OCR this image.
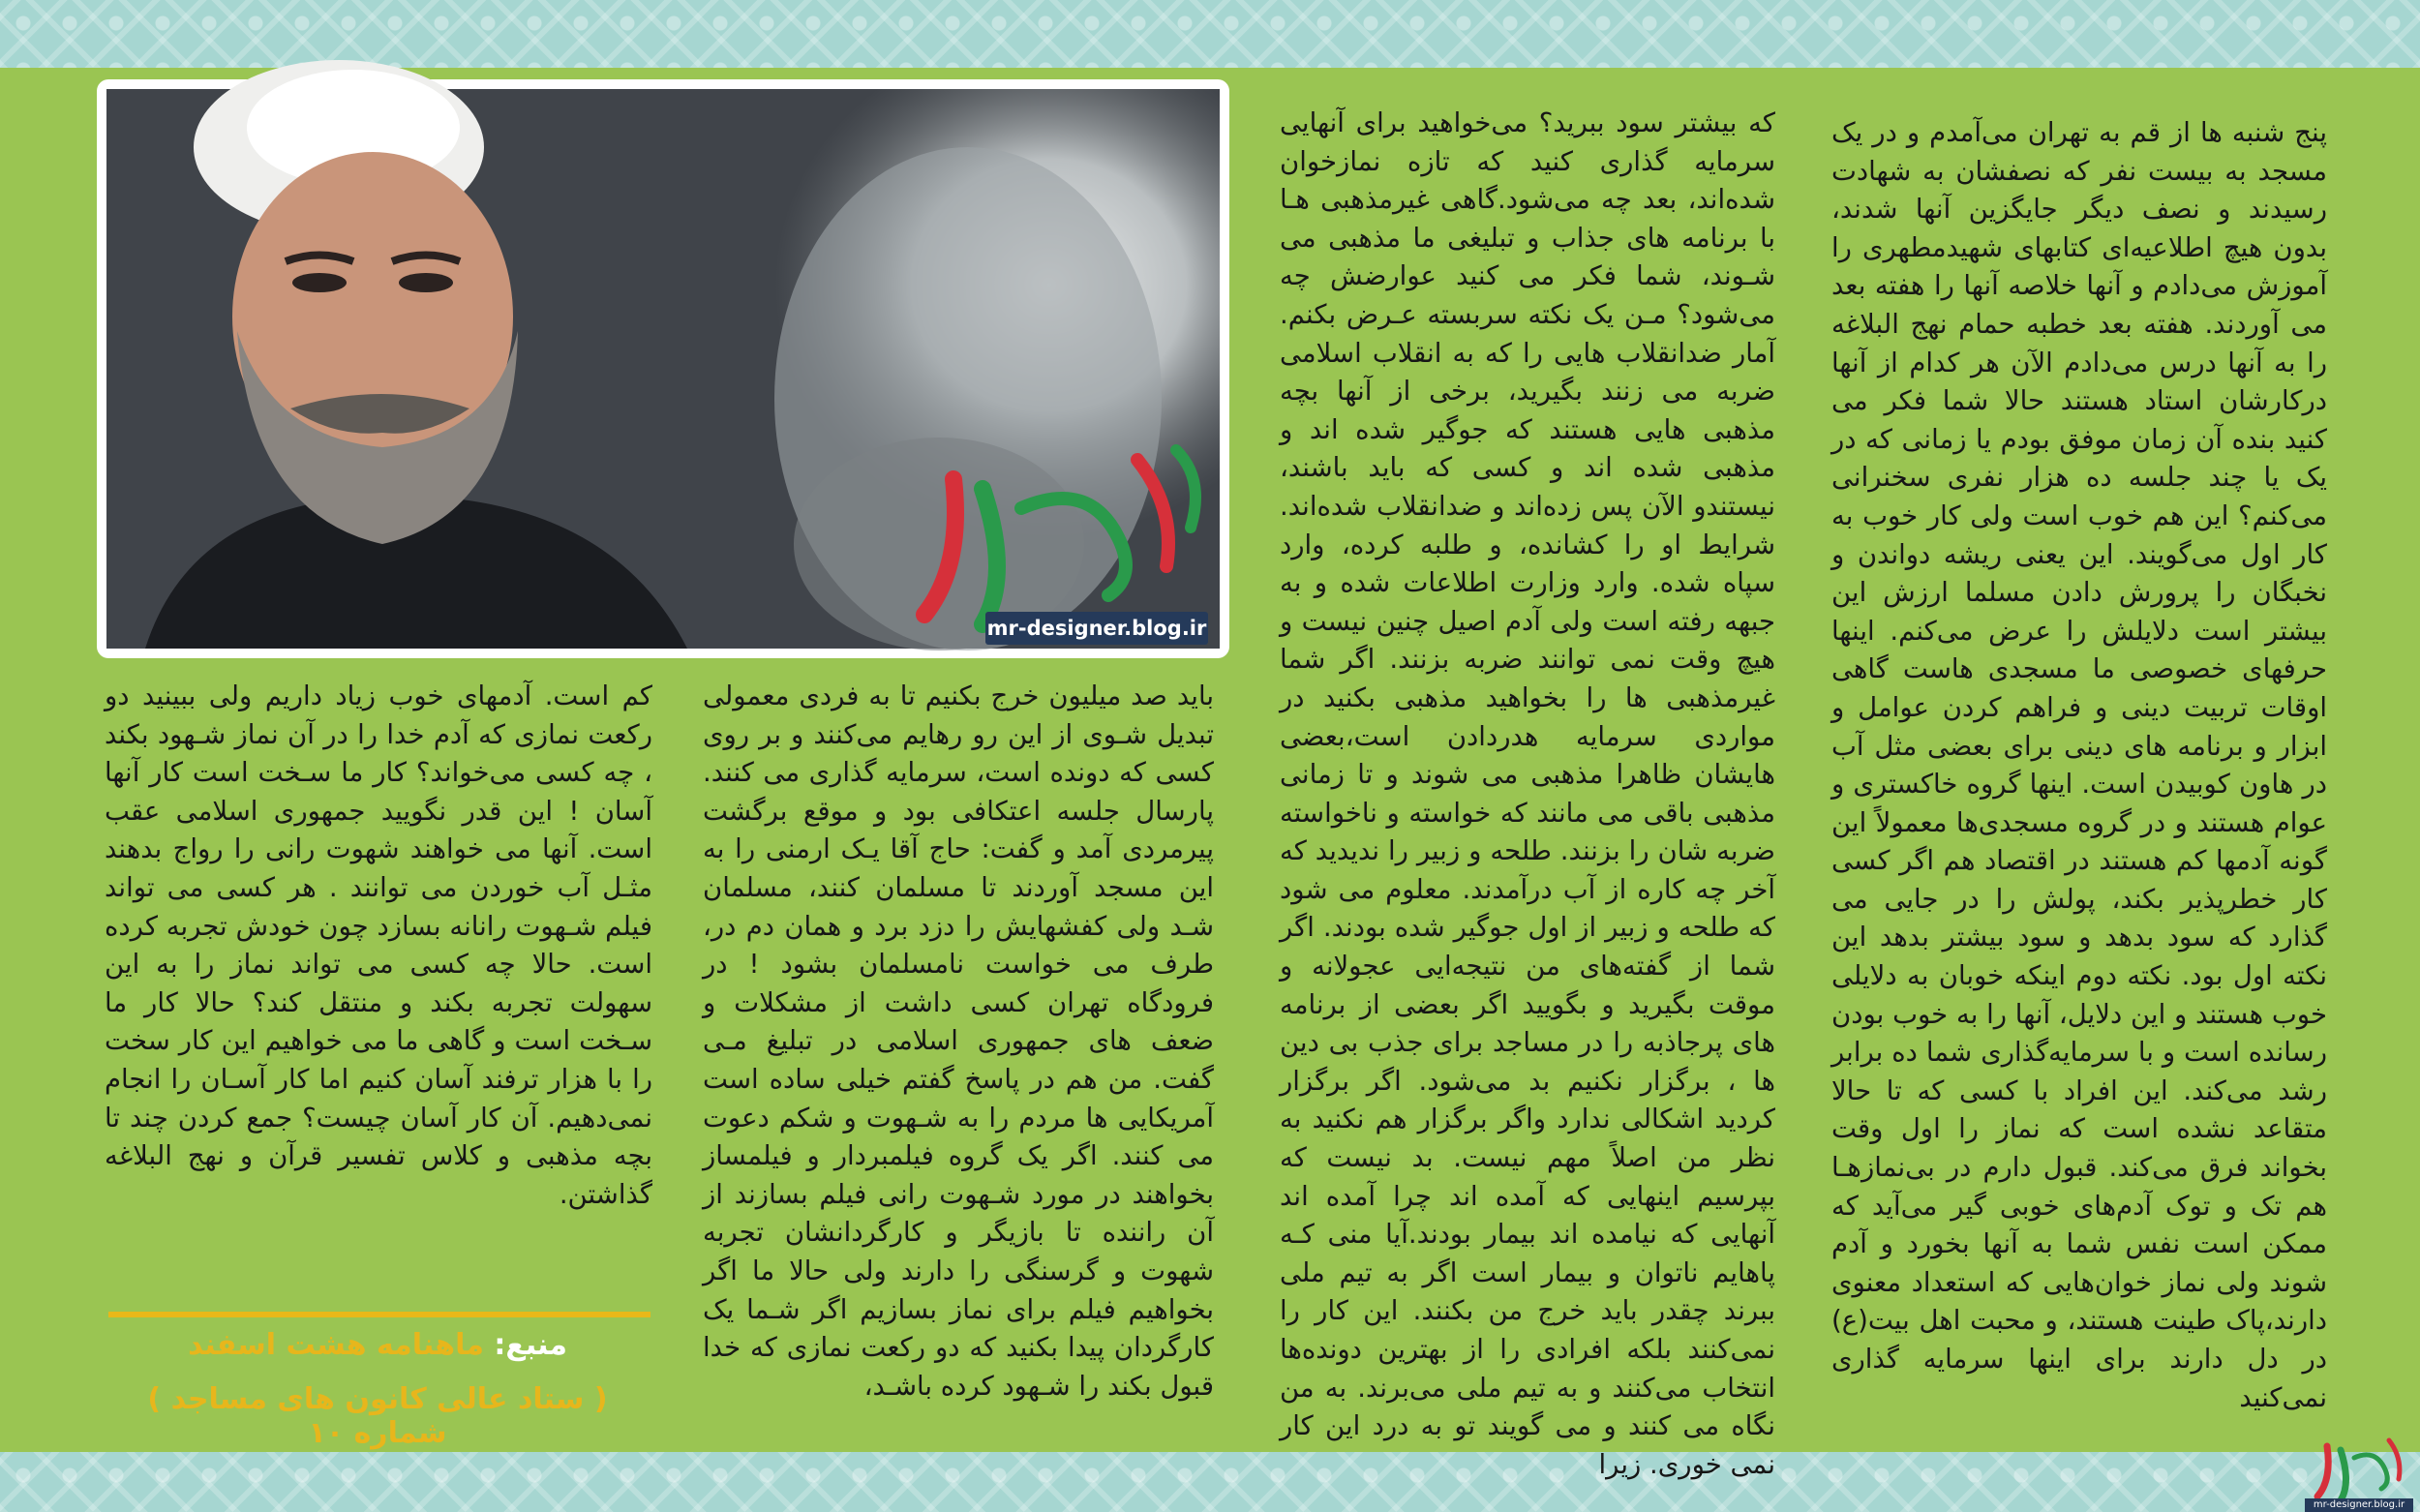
mr-designer.blog.ir

پنج شنبه ها از قم به تهران می‌آمدم و در یک مسجد به بیست نفر که نصفشان به شهادت رسیدند و نصف دیگر جایگزین آنها شدند، بدون هیچ اطلاعیه‌ای کتابهای شهیدمطهری را آموزش می‌دادم و آنها خلاصه آنها را هفته بعد می آوردند. هفته بعد خطبه حمام نهج البلاغه را به آنها درس می‌دادم الآن هر کدام از آنها درکارشان استاد هستند حالا شما فکر می کنید بنده آن زمان موفق بودم یا زمانی که در یک یا چند جلسه ده هزار نفری سخنرانی می‌کنم؟ این هم خوب است ولی کار خوب به کار اول می‌گویند. این یعنی ریشه دواندن و نخبگان را پرورش دادن مسلما ارزش این بیشتر است دلایلش را عرض می‌کنم. اینها حرفهای خصوصی ما مسجدی هاست گاهی اوقات تربیت دینی و فراهم کردن عوامل و ابزار و برنامه های دینی برای بعضی مثل آب در هاون کوبیدن است. اینها گروه خاکستری و عوام هستند و در گروه مسجدی‌ها معمولاً این گونه آدمها کم هستند در اقتصاد هم اگر کسی کار خطرپذیر بکند، پولش را در جایی می گذارد که سود بدهد و سود بیشتر بدهد این نکته اول بود. نکته دوم اینکه خوبان به دلایلی خوب هستند و این دلایل، آنها را به خوب بودن رسانده است و با سرمایه‌گذاری شما ده برابر رشد می‌کند. این افراد با کسی که تا حالا متقاعد نشده است که نماز را اول وقت بخواند فرق می‌کند. قبول دارم در بی‌نمازهـا هم تک و توک آدم‌های خوبی گیر می‌آید که ممکن است نفس شما به آنها بخورد و آدم شوند ولی نماز خوان‌هایی که استعداد معنوی دارند،پاک طینت هستند، و محبت اهل بیت(ع) در دل دارند برای اینها سرمایه گذاری نمی‌کنید

که بیشتر سود ببرید؟ می‌خواهید برای آنهایی سرمایه گذاری کنید که تازه نمازخوان شده‌اند، بعد چه می‌شود.گاهی غیرمذهبی هـا با برنامه های جذاب و تبلیغی ما مذهبی می شـوند، شما فکر می کنید عوارضش چه می‌شود؟ مـن یک نکته سربسته عـرض بکنم. آمار ضدانقلاب هایی را که به انقلاب اسلامی ضربه می زنند بگیرید، برخی از آنها بچه مذهبی هایی هستند که جوگیر شده اند و مذهبی شده اند و کسی که باید باشند، نیستندو الآن پس زده‌اند و ضدانقلاب شده‌اند. شرایط او را کشانده، و طلبه کرده، وارد سپاه شده. وارد وزارت اطلاعات شده و به جبهه رفته است ولی آدم اصیل چنین نیست و هیچ وقت نمی توانند ضربه بزنند. اگر شما غیرمذهبی ها را بخواهید مذهبی بکنید در مواردی سرمایه هدردادن است،بعضی هایشان ظاهرا مذهبی می شوند و تا زمانی مذهبی باقی می مانند که خواسته و ناخواسته ضربه شان را بزنند. طلحه و زبیر را ندیدید که آخر چه کاره از آب درآمدند. معلوم می شود که طلحه و زبیر از اول جوگیر شده بودند. اگر شما از گفته‌های من نتیجه‌ایی عجولانه و موقت بگیرید و بگویید اگر بعضی از برنامه های پرجاذبه را در مساجد برای جذب بی دین ها ، برگزار نکنیم بد می‌شود. اگر برگزار کردید اشکالی ندارد واگر برگزار هم نکنید به نظر من اصلاً مهم نیست. بد نیست که بپرسیم اینهایی که آمده اند چرا آمده اند آنهایی که نیامده اند بیمار بودند.آیا منی کـه پاهایم ناتوان و بیمار است اگر به تیم ملی ببرند چقدر باید خرج من بکنند. این کار را نمی‌کنند بلکه افرادی را از بهترین دونده‌ها انتخاب می‌کنند و به تیم ملی می‌برند. به من نگاه می کنند و می گویند تو به درد این کار نمی خوری. زیرا

باید صد میلیون خرج بکنیم تا به فردی معمولی تبدیل شـوی از این رو رهایم می‌کنند و بر روی کسی که دونده است، سرمایه گذاری می کنند. پارسال جلسه اعتکافی بود و موقع برگشت پیرمردی آمد و گفت: حاج آقا یـک ارمنی را به این مسجد آوردند تا مسلمان کنند، مسلمان شـد ولی کفشهایش را دزد برد و همان دم در، طرف می خواست نامسلمان بشود ! در فرودگاه تهران کسی داشت از مشکلات و ضعف های جمهوری اسلامی در تبلیغ مـی گفت. من هم در پاسخ گفتم خیلی ساده است آمریکایی ها مردم را به شـهوت و شکم دعوت می کنند. اگر یک گروه فیلمبردار و فیلمساز بخواهند در مورد شـهوت رانی فیلم بسازند از آن راننده تا بازیگر و کارگردانشان تجربه شهوت و گرسنگی را دارند ولی حالا ما اگر بخواهیم فیلم برای نماز بسازیم اگر شـما یک کارگردان پیدا بکنید که دو رکعت نمازی که خدا قبول بکند را شـهود کرده باشـد،

کم است. آدمهای خوب زیاد داریم ولی ببینید دو رکعت نمازی که آدم خدا را در آن نماز شـهود بکند ، چه کسی می‌خواند؟ کار ما سـخت است کار آنها آسان ! این قدر نگویید جمهوری اسلامی عقب است. آنها می خواهند شهوت رانی را رواج بدهند مثـل آب خوردن می توانند . هر کسی می تواند فیلم شـهوت رانانه بسازد چون خودش تجربه کرده است. حالا چه کسی می تواند نماز را به این سهولت تجربه بکند و منتقل کند؟ حالا کار ما سـخت است و گاهی ما می خواهیم این کار سخت را با هزار ترفند آسان کنیم اما کار آسـان را انجام نمی‌دهیم. آن کار آسان چیست؟ جمع کردن چند تا بچه مذهبی و کلاس تفسیر قرآن و نهج البلاغه گذاشتن.

منبع: ماهنامه هشت اسفند
( ستاد عالی کانون های مساجد ) شماره ۱۰
mr-designer.blog.ir
